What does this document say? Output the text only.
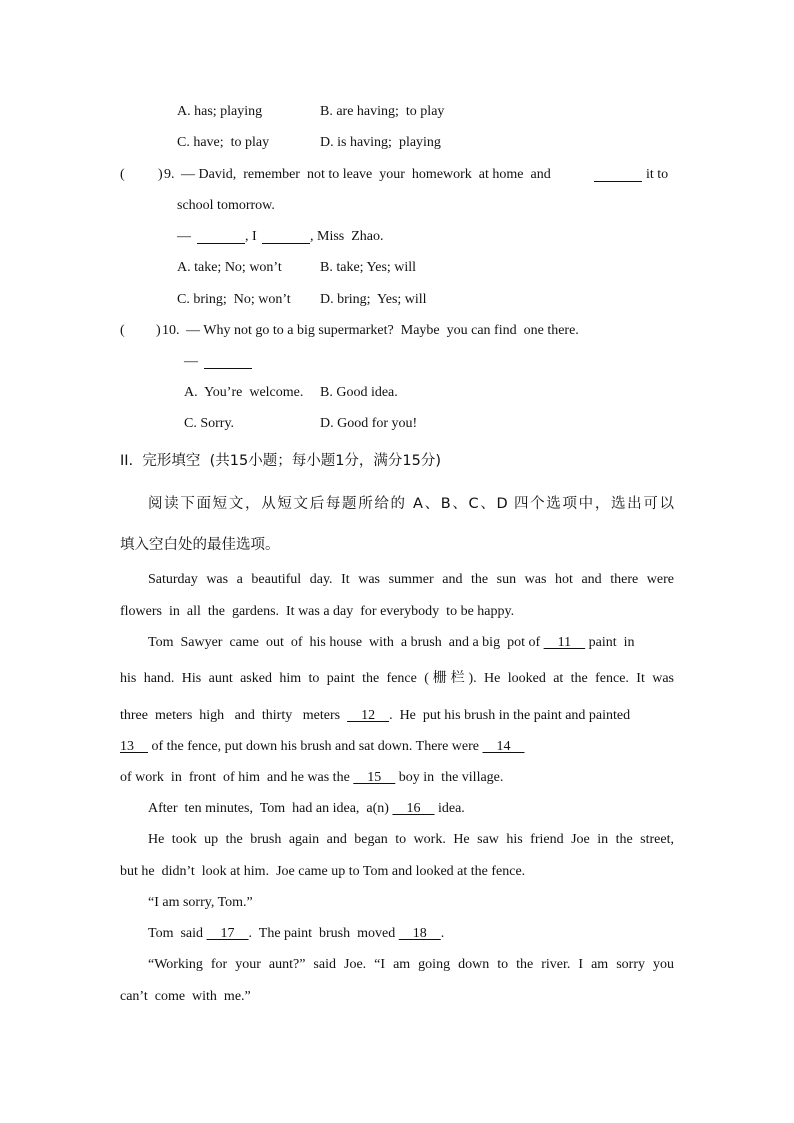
A. has; playing	B. are having;  to play
C. have;  to play	D. is having;  playing
( ) 9. — David,  remember  not to leave  your  homework  at home  and	it to
school tomorrow.
—	, I	, Miss  Zhao.
A. take; No; won’t	B. take; Yes; will
C. bring;  No; won’t D. bring;  Yes; will
( ) 10. — Why not go to a big supermarket?  Maybe  you can find  one there.
—
A.  You’re  welcome. B. Good idea.
C. Sorry.	D. Good for you!
II.  完形填空  (共15小题；每小题1分，满分15分)
阅读下面短文，从短文后每题所给的 A、B、C、D 四个选项中，选出可以
填入空白处的最佳选项。
Saturday was a beautiful day. It was summer and the sun was hot and there were
flowers  in  all  the  gardens.  It was a day  for everybody  to be happy.
Tom  Sawyer  came  out  of  his house  with  a brush  and a big  pot of     11     paint  in
his hand. His aunt asked him to paint the fence (栅栏). He looked at the fence. It was
three  meters  high   and  thirty   meters      12    .  He  put his brush in the paint and painted
13     of the fence, put down his brush and sat down. There were     14
of work  in  front  of him  and he was the     15     boy in  the village.
After  ten minutes,  Tom  had an idea,  a(n)     16     idea.
He took up the brush again and began to work. He saw his friend Joe in the street,
but he  didn’t  look at him.  Joe came up to Tom and looked at the fence.
“I am sorry, Tom.”
Tom  said     17    .  The paint  brush  moved     18    .
“Working for your aunt?” said Joe. “I am going down to the river. I am sorry you
can’t  come  with  me.”
